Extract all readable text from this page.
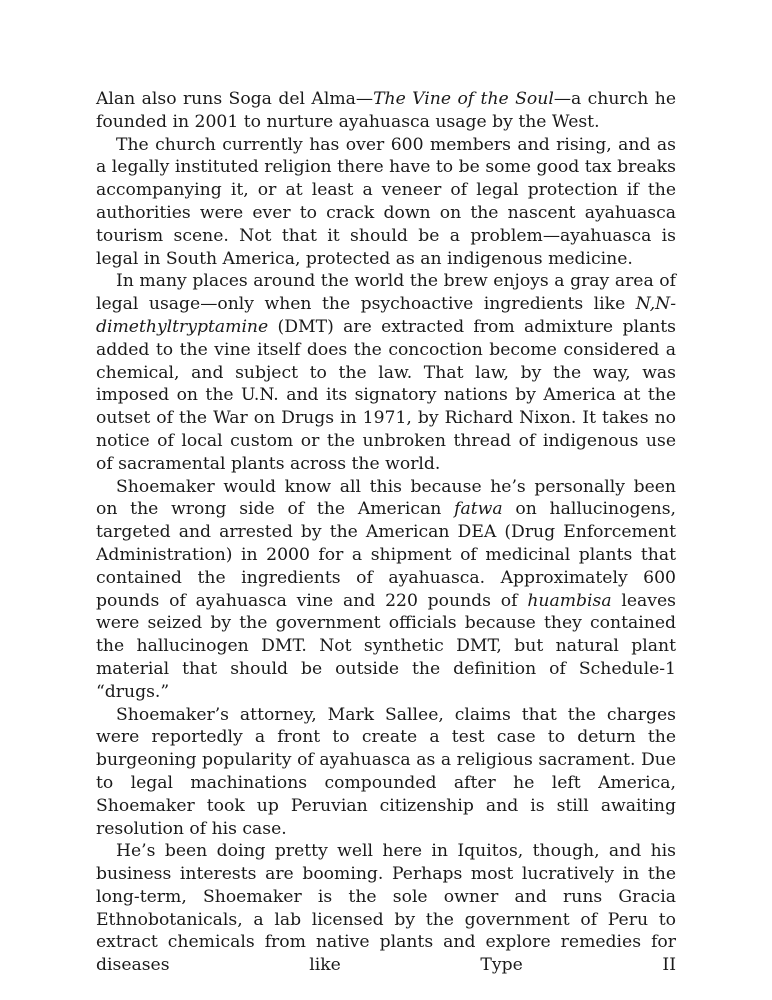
Alan also runs Soga del Alma—The Vine of the Soul—a church he founded in 2001 to nurture ayahuasca usage by the West.

The church currently has over 600 members and rising, and as a legally instituted religion there have to be some good tax breaks accompanying it, or at least a veneer of legal protection if the authorities were ever to crack down on the nascent ayahuasca tourism scene. Not that it should be a problem—ayahuasca is legal in South America, protected as an indigenous medicine.

In many places around the world the brew enjoys a gray area of legal usage—only when the psychoactive ingredients like N,N-dimethyltryptamine (DMT) are extracted from admixture plants added to the vine itself does the concoction become considered a chemical, and subject to the law. That law, by the way, was imposed on the U.N. and its signatory nations by America at the outset of the War on Drugs in 1971, by Richard Nixon. It takes no notice of local custom or the unbroken thread of indigenous use of sacramental plants across the world.

Shoemaker would know all this because he’s personally been on the wrong side of the American fatwa on hallucinogens, targeted and arrested by the American DEA (Drug Enforcement Administration) in 2000 for a shipment of medicinal plants that contained the ingredients of ayahuasca. Approximately 600 pounds of ayahuasca vine and 220 pounds of huambisa leaves were seized by the government officials because they contained the hallucinogen DMT. Not synthetic DMT, but natural plant material that should be outside the definition of Schedule-1 “drugs.”

Shoemaker’s attorney, Mark Sallee, claims that the charges were reportedly a front to create a test case to deturn the burgeoning popularity of ayahuasca as a religious sacrament. Due to legal machinations compounded after he left America, Shoemaker took up Peruvian citizenship and is still awaiting resolution of his case.

He’s been doing pretty well here in Iquitos, though, and his business interests are booming. Perhaps most lucratively in the long-term, Shoemaker is the sole owner and runs Gracia Ethnobotanicals, a lab licensed by the government of Peru to extract chemicals from native plants and explore remedies for diseases like Type II
